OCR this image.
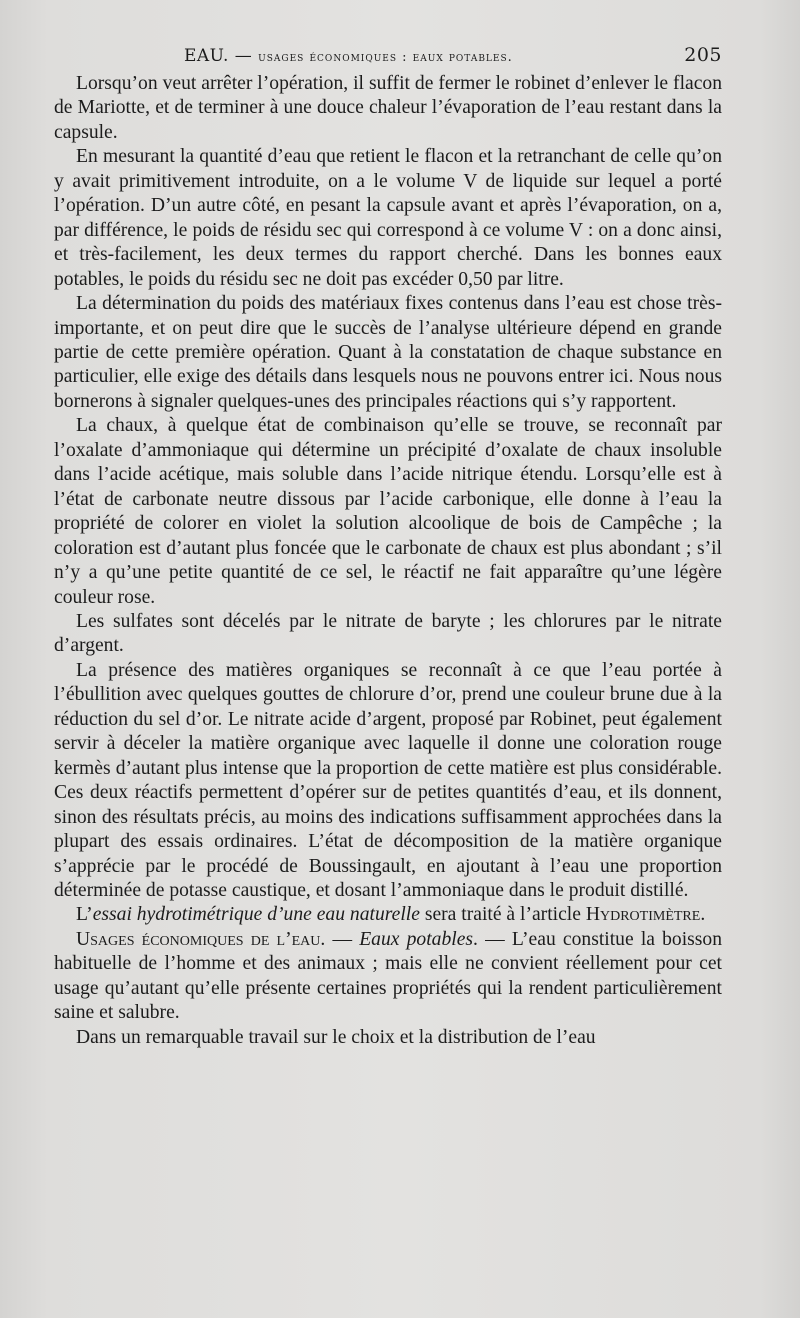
EAU. — usages économiques : eaux potables.	205

Lorsqu’on veut arrêter l’opération, il suffit de fermer le robinet d’enlever le flacon de Mariotte, et de terminer à une douce chaleur l’évaporation de l’eau restant dans la capsule.

En mesurant la quantité d’eau que retient le flacon et la retranchant de celle qu’on y avait primitivement introduite, on a le volume V de liquide sur lequel a porté l’opération. D’un autre côté, en pesant la capsule avant et après l’évaporation, on a, par différence, le poids de résidu sec qui correspond à ce volume V : on a donc ainsi, et très-facilement, les deux termes du rapport cherché. Dans les bonnes eaux potables, le poids du résidu sec ne doit pas excéder 0,50 par litre.

La détermination du poids des matériaux fixes contenus dans l’eau est chose très-importante, et on peut dire que le succès de l’analyse ultérieure dépend en grande partie de cette première opération. Quant à la constatation de chaque substance en particulier, elle exige des détails dans lesquels nous ne pouvons entrer ici. Nous nous bornerons à signaler quelques-unes des principales réactions qui s’y rapportent.

La chaux, à quelque état de combinaison qu’elle se trouve, se reconnaît par l’oxalate d’ammoniaque qui détermine un précipité d’oxalate de chaux insoluble dans l’acide acétique, mais soluble dans l’acide nitrique étendu. Lorsqu’elle est à l’état de carbonate neutre dissous par l’acide carbonique, elle donne à l’eau la propriété de colorer en violet la solution alcoolique de bois de Campêche ; la coloration est d’autant plus foncée que le carbonate de chaux est plus abondant ; s’il n’y a qu’une petite quantité de ce sel, le réactif ne fait apparaître qu’une légère couleur rose.

Les sulfates sont décelés par le nitrate de baryte ; les chlorures par le nitrate d’argent.

La présence des matières organiques se reconnaît à ce que l’eau portée à l’ébullition avec quelques gouttes de chlorure d’or, prend une couleur brune due à la réduction du sel d’or. Le nitrate acide d’argent, proposé par Robinet, peut également servir à déceler la matière organique avec laquelle il donne une coloration rouge kermès d’autant plus intense que la proportion de cette matière est plus considérable. Ces deux réactifs permettent d’opérer sur de petites quantités d’eau, et ils donnent, sinon des résultats précis, au moins des indications suffisamment approchées dans la plupart des essais ordinaires. L’état de décomposition de la matière organique s’apprécie par le procédé de Boussingault, en ajoutant à l’eau une proportion déterminée de potasse caustique, et dosant l’ammoniaque dans le produit distillé.

L’essai hydrotimétrique d’une eau naturelle sera traité à l’article Hydrotimètre.

Usages économiques de l’eau. — Eaux potables. — L’eau constitue la boisson habituelle de l’homme et des animaux ; mais elle ne convient réellement pour cet usage qu’autant qu’elle présente certaines propriétés qui la rendent particulièrement saine et salubre.

Dans un remarquable travail sur le choix et la distribution de l’eau
